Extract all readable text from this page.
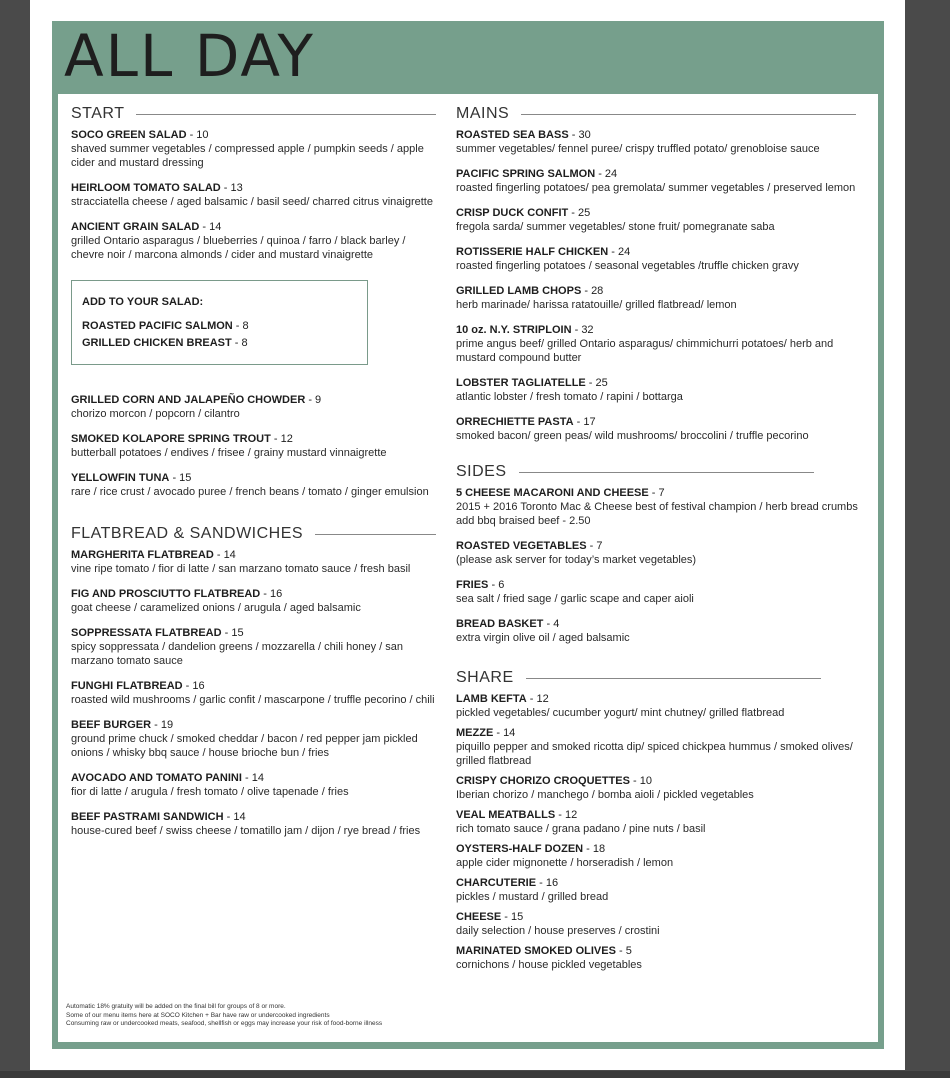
ALL DAY
START
SOCO GREEN SALAD - 10
shaved summer vegetables / compressed apple / pumpkin seeds / apple cider and mustard dressing
HEIRLOOM TOMATO SALAD - 13
stracciatella cheese / aged balsamic / basil seed/ charred citrus vinaigrette
ANCIENT GRAIN SALAD - 14
grilled Ontario asparagus / blueberries / quinoa / farro / black barley / chevre noir / marcona almonds / cider and mustard vinaigrette
ADD TO YOUR SALAD:
ROASTED PACIFIC SALMON - 8
GRILLED CHICKEN BREAST - 8
GRILLED CORN AND JALAPEÑO CHOWDER - 9
chorizo morcon / popcorn / cilantro
SMOKED KOLAPORE SPRING TROUT - 12
butterball potatoes / endives / frisee / grainy mustard vinnaigrette
YELLOWFIN TUNA - 15
rare / rice crust / avocado puree / french beans / tomato / ginger emulsion
FLATBREAD & SANDWICHES
MARGHERITA FLATBREAD - 14
vine ripe tomato / fior di latte / san marzano tomato sauce / fresh basil
FIG AND PROSCIUTTO FLATBREAD - 16
goat cheese / caramelized onions / arugula / aged balsamic
SOPPRESSATA FLATBREAD - 15
spicy soppressata / dandelion greens / mozzarella / chili honey / san marzano tomato sauce
FUNGHI FLATBREAD - 16
roasted wild mushrooms / garlic confit / mascarpone / truffle pecorino / chili
BEEF BURGER - 19
ground prime chuck / smoked cheddar / bacon / red pepper jam pickled onions / whisky bbq sauce / house brioche bun / fries
AVOCADO AND TOMATO PANINI - 14
fior di latte / arugula / fresh tomato / olive tapenade / fries
BEEF PASTRAMI SANDWICH - 14
house-cured beef / swiss cheese / tomatillo jam / dijon / rye bread / fries
Automatic 18% gratuity will be added on the final bill for groups of 8 or more.
Some of our menu items here at SOCO Kitchen + Bar have raw or undercooked ingredients
Consuming raw or undercooked meats, seafood, shellfish or eggs may increase your risk of food-borne illness
MAINS
ROASTED SEA BASS - 30
summer vegetables/ fennel puree/ crispy truffled potato/ grenobloise sauce
PACIFIC SPRING SALMON - 24
roasted fingerling potatoes/ pea gremolata/ summer vegetables / preserved lemon
CRISP DUCK CONFIT - 25
fregola sarda/ summer vegetables/ stone fruit/ pomegranate saba
ROTISSERIE HALF CHICKEN - 24
roasted fingerling potatoes / seasonal vegetables /truffle chicken gravy
GRILLED LAMB CHOPS - 28
herb marinade/ harissa ratatouille/ grilled flatbread/ lemon
10 oz. N.Y. STRIPLOIN - 32
prime angus beef/ grilled Ontario asparagus/ chimmichurri potatoes/ herb and mustard compound butter
LOBSTER TAGLIATELLE - 25
atlantic lobster / fresh tomato / rapini / bottarga
ORRECHIETTE PASTA - 17
smoked bacon/ green peas/ wild mushrooms/ broccolini / truffle pecorino
SIDES
5 CHEESE MACARONI AND CHEESE - 7
2015 + 2016 Toronto Mac & Cheese best of festival champion / herb bread crumbs
add bbq braised beef - 2.50
ROASTED VEGETABLES - 7
(please ask server for today’s market vegetables)
FRIES - 6
sea salt / fried sage / garlic scape and caper aioli
BREAD BASKET - 4
extra virgin olive oil / aged balsamic
SHARE
LAMB KEFTA - 12
pickled vegetables/ cucumber yogurt/ mint chutney/ grilled flatbread
MEZZE - 14
piquillo pepper and smoked ricotta dip/ spiced chickpea hummus / smoked olives/ grilled flatbread
CRISPY CHORIZO CROQUETTES - 10
Iberian chorizo / manchego / bomba aioli / pickled vegetables
VEAL MEATBALLS - 12
rich tomato sauce / grana padano / pine nuts / basil
OYSTERS-HALF DOZEN - 18
apple cider mignonette / horseradish / lemon
CHARCUTERIE - 16
pickles / mustard / grilled bread
CHEESE - 15
daily selection / house preserves / crostini
MARINATED SMOKED OLIVES - 5
cornichons / house pickled vegetables
